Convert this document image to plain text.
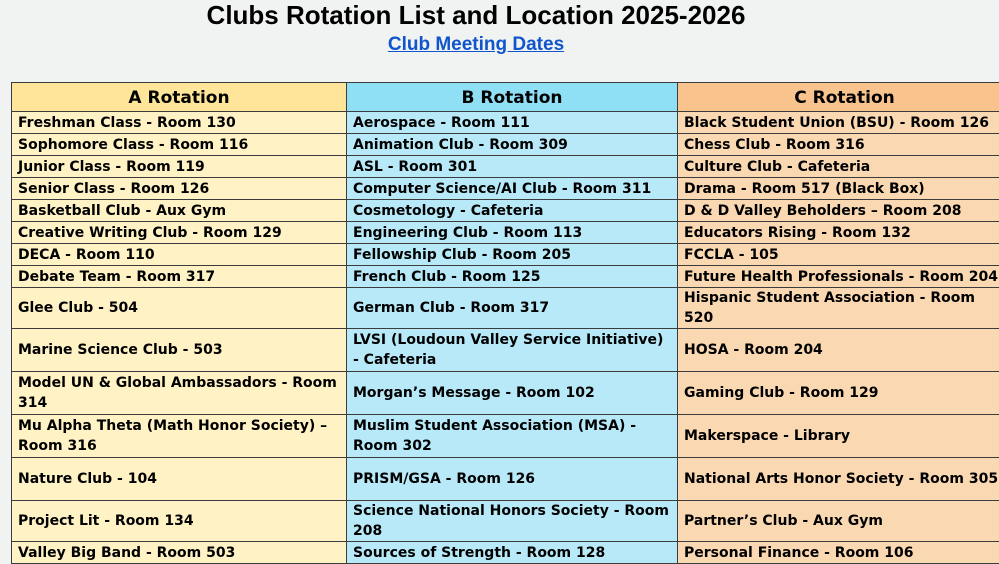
Clubs Rotation List and Location 2025-2026
Club Meeting Dates
A Rotation	B Rotation	C Rotation
Freshman Class - Room 130	Aerospace - Room 111	Black Student Union (BSU) - Room 126
Sophomore Class - Room 116	Animation Club - Room 309	Chess Club - Room 316
Junior Class - Room 119	ASL - Room 301	Culture Club - Cafeteria
Senior Class - Room 126	Computer Science/AI Club - Room 311	Drama - Room 517 (Black Box)
Basketball Club - Aux Gym	Cosmetology - Cafeteria	D & D Valley Beholders – Room 208
Creative Writing Club - Room 129	Engineering Club - Room 113	Educators Rising - Room 132
DECA - Room 110	Fellowship Club - Room 205	FCCLA - 105
Debate Team - Room 317	French Club - Room 125	Future Health Professionals - Room 204
Glee Club - 504	German Club - Room 317	Hispanic Student Association - Room 520
Marine Science Club - 503	LVSI (Loudoun Valley Service Initiative) - Cafeteria	HOSA - Room 204
Model UN & Global Ambassadors - Room 314	Morgan’s Message - Room 102	Gaming Club - Room 129
Mu Alpha Theta (Math Honor Society) – Room 316	Muslim Student Association (MSA) - Room 302	Makerspace - Library
Nature Club - 104	PRISM/GSA - Room 126	National Arts Honor Society - Room 305
Project Lit - Room 134	Science National Honors Society - Room 208	Partner’s Club - Aux Gym
Valley Big Band - Room 503	Sources of Strength - Room 128	Personal Finance - Room 106
